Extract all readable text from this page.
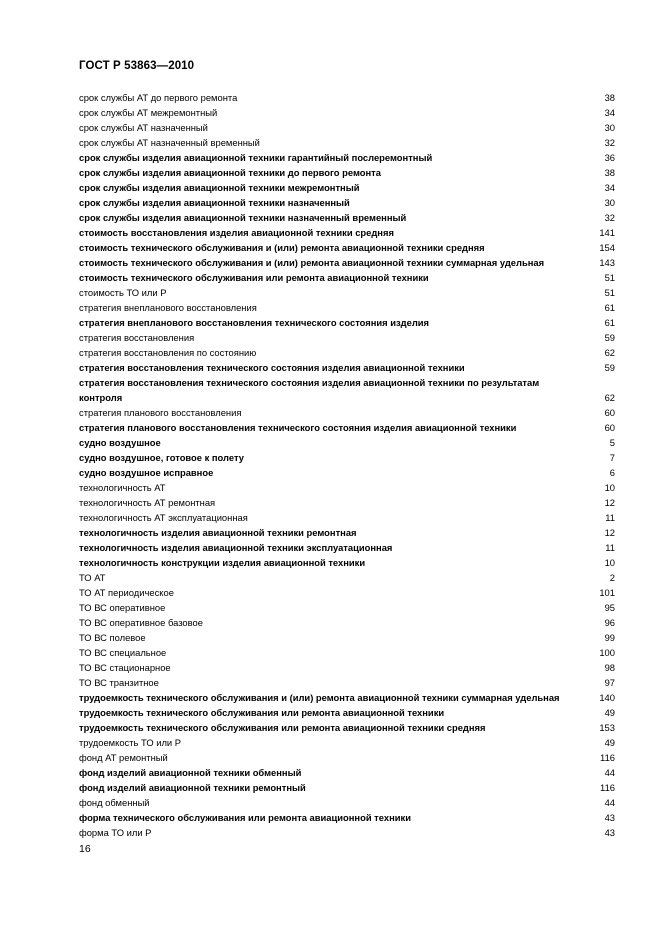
ГОСТ Р 53863—2010
срок службы АТ до первого ремонта	38
срок службы АТ межремонтный	34
срок службы АТ назначенный	30
срок службы АТ назначенный временный	32
срок службы изделия авиационной техники гарантийный послеремонтный	36
срок службы изделия авиационной техники до первого ремонта	38
срок службы изделия авиационной техники межремонтный	34
срок службы изделия авиационной техники назначенный	30
срок службы изделия авиационной техники назначенный временный	32
стоимость восстановления изделия авиационной техники средняя	141
стоимость технического обслуживания и (или) ремонта авиационной техники средняя	154
стоимость технического обслуживания и (или) ремонта авиационной техники суммарная удельная	143
стоимость технического обслуживания или ремонта авиационной техники	51
стоимость ТО или Р	51
стратегия внепланового восстановления	61
стратегия внепланового восстановления технического состояния изделия	61
стратегия восстановления	59
стратегия восстановления по состоянию	62
стратегия восстановления технического состояния изделия авиационной техники	59
стратегия восстановления технического состояния изделия авиационной техники по результатам контроля	62
стратегия планового восстановления	60
стратегия планового восстановления технического состояния изделия авиационной техники	60
судно воздушное	5
судно воздушное, готовое к полету	7
судно воздушное исправное	6
технологичность АТ	10
технологичность АТ ремонтная	12
технологичность АТ эксплуатационная	11
технологичность изделия авиационной техники ремонтная	12
технологичность изделия авиационной техники эксплуатационная	11
технологичность конструкции изделия авиационной техники	10
ТО АТ	2
ТО АТ периодическое	101
ТО ВС оперативное	95
ТО ВС оперативное базовое	96
ТО ВС полевое	99
ТО ВС специальное	100
ТО ВС стационарное	98
ТО ВС транзитное	97
трудоемкость технического обслуживания и (или) ремонта авиационной техники суммарная удельная	140
трудоемкость технического обслуживания или ремонта авиационной техники	49
трудоемкость технического обслуживания или ремонта авиационной техники средняя	153
трудоемкость ТО или Р	49
фонд АТ ремонтный	116
фонд изделий авиационной техники обменный	44
фонд изделий авиационной техники ремонтный	116
фонд обменный	44
форма технического обслуживания или ремонта авиационной техники	43
форма ТО или Р	43
16
